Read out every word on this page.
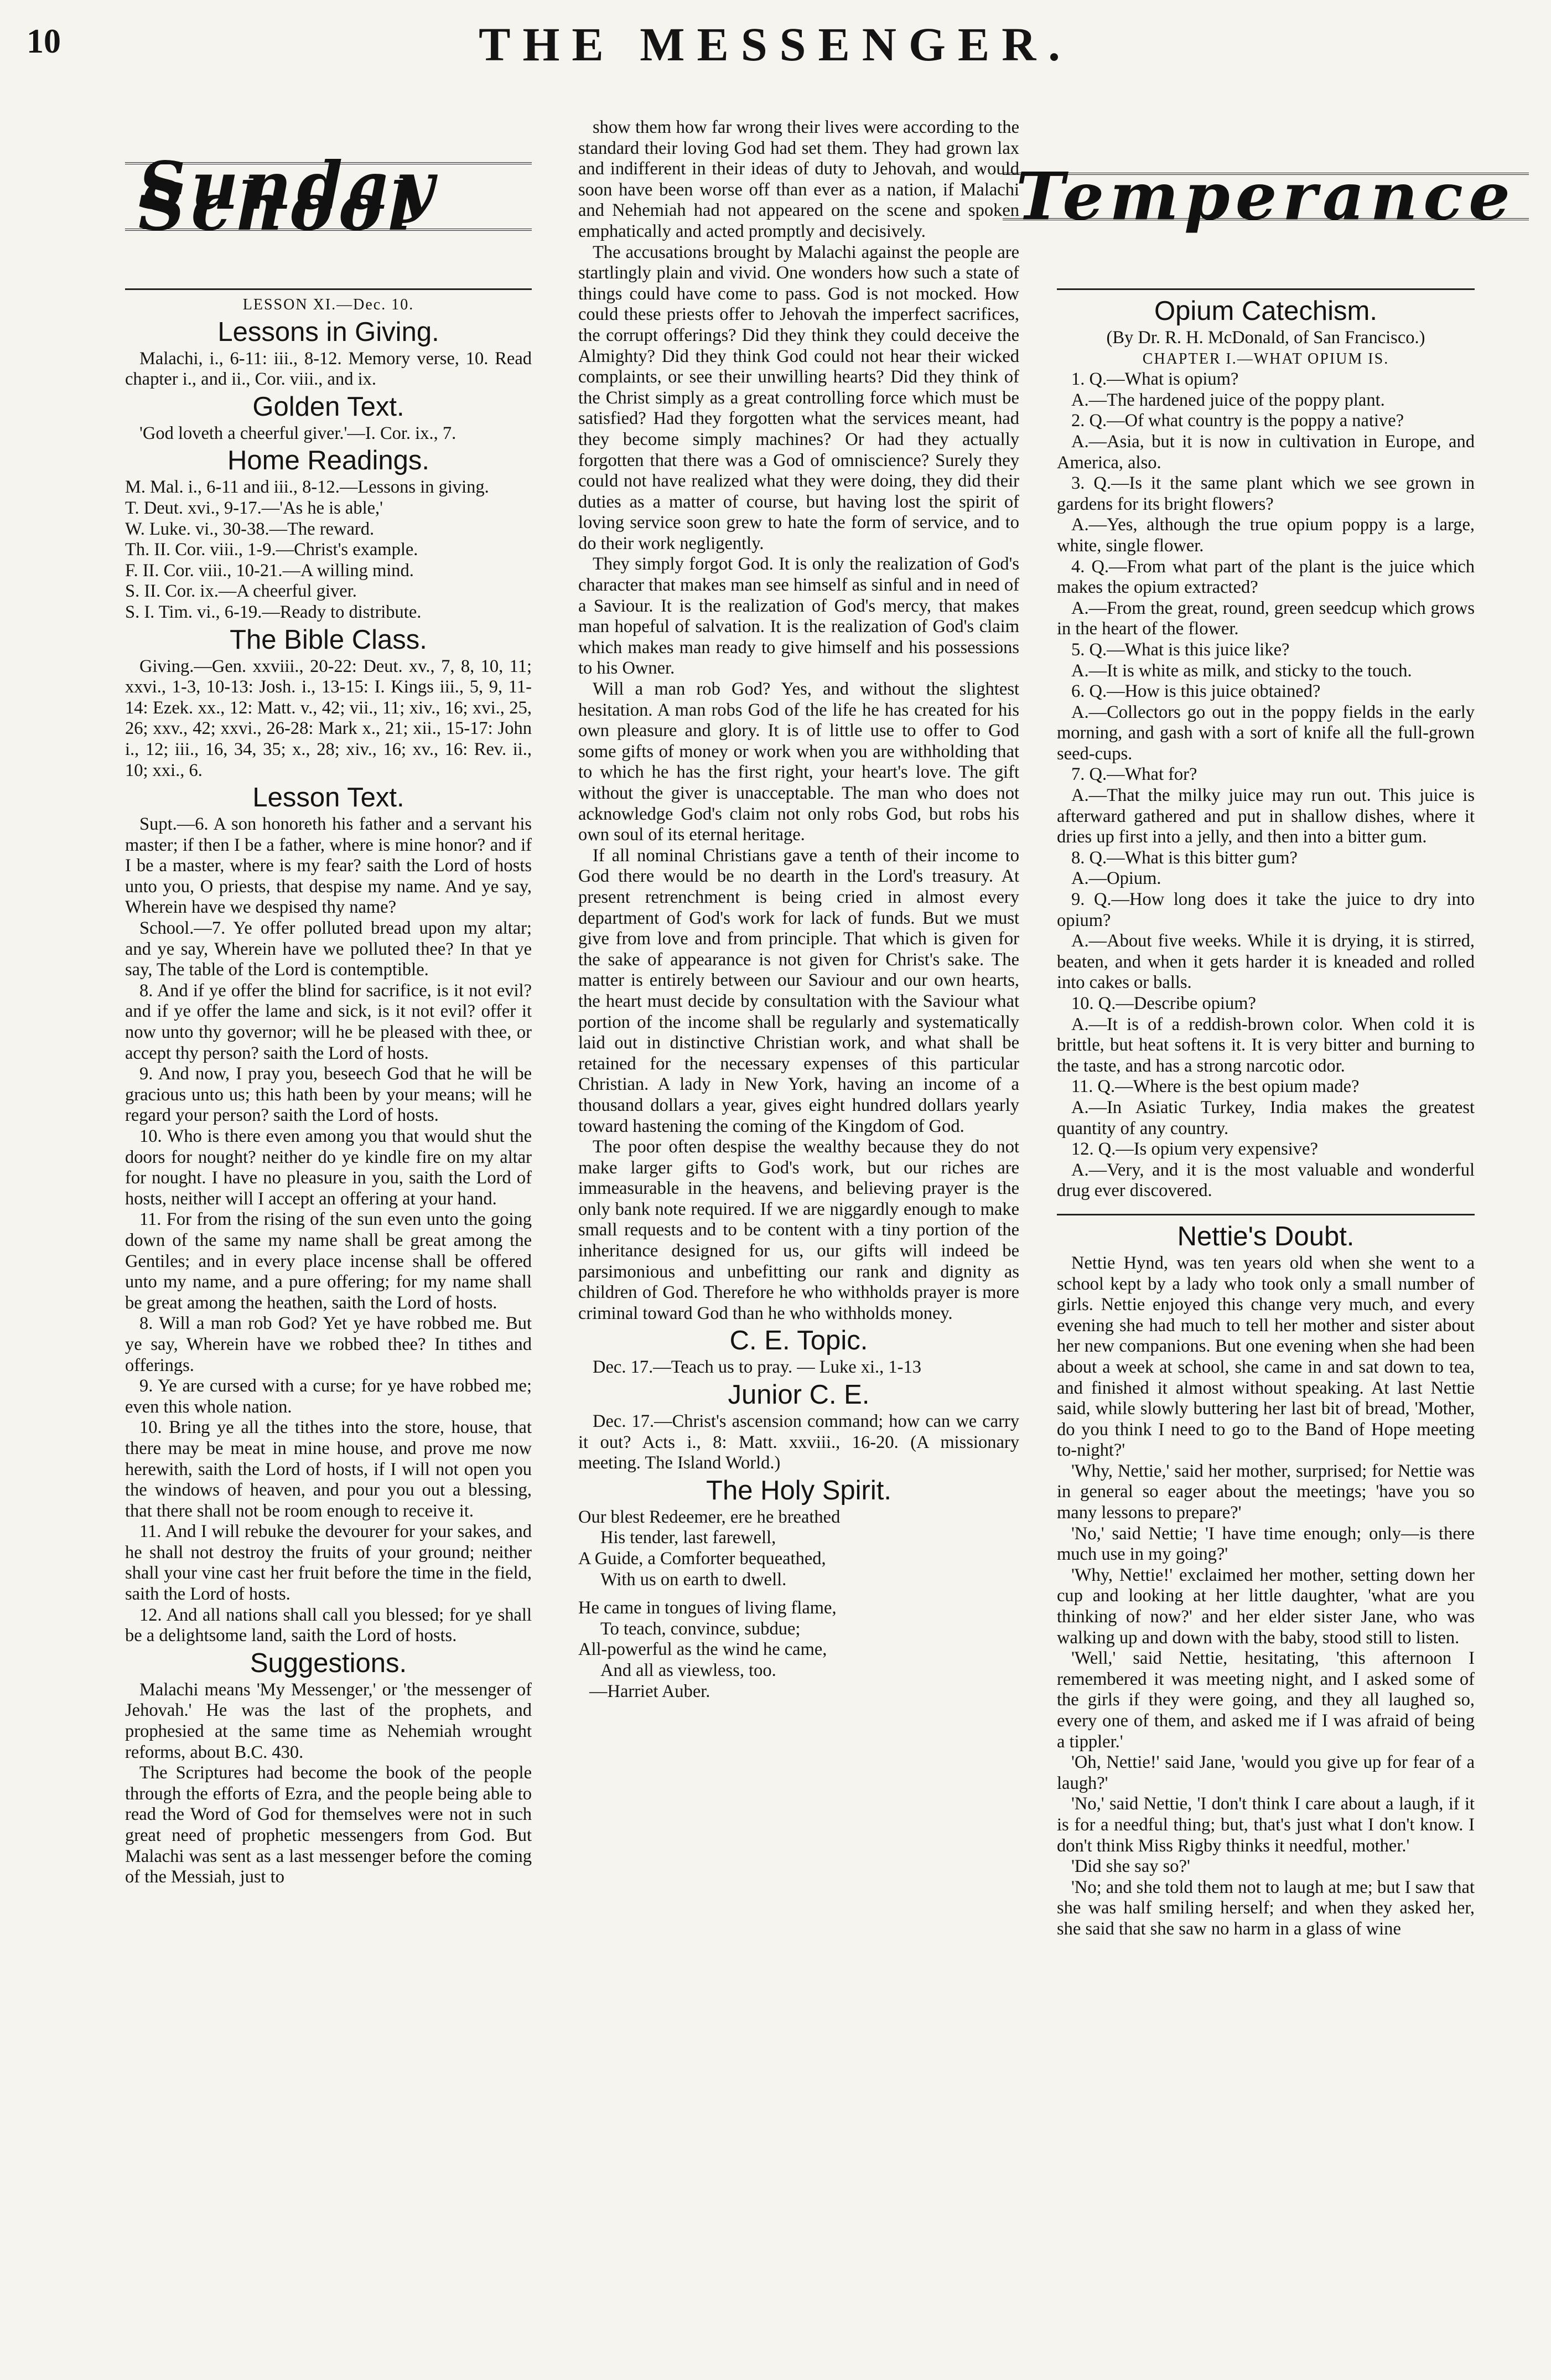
10	THE MESSENGER.
Sunday School

LESSON XI.—Dec. 10.

Lessons in Giving.

Malachi, i., 6-11: iii., 8-12. Memory verse, 10. Read chapter i., and ii., Cor. viii., and ix.

Golden Text.

'God loveth a cheerful giver.'—I. Cor. ix., 7.

Home Readings.

M. Mal. i., 6-11 and iii., 8-12.—Lessons in giving.

T. Deut. xvi., 9-17.—'As he is able,'

W. Luke. vi., 30-38.—The reward.

Th. II. Cor. viii., 1-9.—Christ's example.

F. II. Cor. viii., 10-21.—A willing mind.

S. II. Cor. ix.—A cheerful giver.

S. I. Tim. vi., 6-19.—Ready to distribute.

The Bible Class.

Giving.—Gen. xxviii., 20-22: Deut. xv., 7, 8, 10, 11; xxvi., 1-3, 10-13: Josh. i., 13-15: I. Kings iii., 5, 9, 11-14: Ezek. xx., 12: Matt. v., 42; vii., 11; xiv., 16; xvi., 25, 26; xxv., 42; xxvi., 26-28: Mark x., 21; xii., 15-17: John i., 12; iii., 16, 34, 35; x., 28; xiv., 16; xv., 16: Rev. ii., 10; xxi., 6.

Lesson Text.

Supt.—6. A son honoreth his father and a servant his master; if then I be a father, where is mine honor? and if I be a master, where is my fear? saith the Lord of hosts unto you, O priests, that despise my name. And ye say, Wherein have we despised thy name?

School.—7. Ye offer polluted bread upon my altar; and ye say, Wherein have we polluted thee? In that ye say, The table of the Lord is contemptible.

8. And if ye offer the blind for sacrifice, is it not evil? and if ye offer the lame and sick, is it not evil? offer it now unto thy governor; will he be pleased with thee, or accept thy person? saith the Lord of hosts.

9. And now, I pray you, beseech God that he will be gracious unto us; this hath been by your means; will he regard your person? saith the Lord of hosts.

10. Who is there even among you that would shut the doors for nought? neither do ye kindle fire on my altar for nought. I have no pleasure in you, saith the Lord of hosts, neither will I accept an offering at your hand.

11. For from the rising of the sun even unto the going down of the same my name shall be great among the Gentiles; and in every place incense shall be offered unto my name, and a pure offering; for my name shall be great among the heathen, saith the Lord of hosts.

8. Will a man rob God? Yet ye have robbed me. But ye say, Wherein have we robbed thee? In tithes and offerings.

9. Ye are cursed with a curse; for ye have robbed me; even this whole nation.

10. Bring ye all the tithes into the store, house, that there may be meat in mine house, and prove me now herewith, saith the Lord of hosts, if I will not open you the windows of heaven, and pour you out a blessing, that there shall not be room enough to receive it.

11. And I will rebuke the devourer for your sakes, and he shall not destroy the fruits of your ground; neither shall your vine cast her fruit before the time in the field, saith the Lord of hosts.

12. And all nations shall call you blessed; for ye shall be a delightsome land, saith the Lord of hosts.

Suggestions.

Malachi means 'My Messenger,' or 'the messenger of Jehovah.' He was the last of the prophets, and prophesied at the same time as Nehemiah wrought reforms, about B.C. 430.

The Scriptures had become the book of the people through the efforts of Ezra, and the people being able to read the Word of God for themselves were not in such great need of prophetic messengers from God. But Malachi was sent as a last messenger before the coming of the Messiah, just to

show them how far wrong their lives were according to the standard their loving God had set them. They had grown lax and indifferent in their ideas of duty to Jehovah, and would soon have been worse off than ever as a nation, if Malachi and Nehemiah had not appeared on the scene and spoken emphatically and acted promptly and decisively.

The accusations brought by Malachi against the people are startlingly plain and vivid. One wonders how such a state of things could have come to pass. God is not mocked. How could these priests offer to Jehovah the imperfect sacrifices, the corrupt offerings? Did they think they could deceive the Almighty? Did they think God could not hear their wicked complaints, or see their unwilling hearts? Did they think of the Christ simply as a great controlling force which must be satisfied? Had they forgotten what the services meant, had they become simply machines? Or had they actually forgotten that there was a God of omniscience? Surely they could not have realized what they were doing, they did their duties as a matter of course, but having lost the spirit of loving service soon grew to hate the form of service, and to do their work negligently.

They simply forgot God. It is only the realization of God's character that makes man see himself as sinful and in need of a Saviour. It is the realization of God's mercy, that makes man hopeful of salvation. It is the realization of God's claim which makes man ready to give himself and his possessions to his Owner.

Will a man rob God? Yes, and without the slightest hesitation. A man robs God of the life he has created for his own pleasure and glory. It is of little use to offer to God some gifts of money or work when you are withholding that to which he has the first right, your heart's love. The gift without the giver is unacceptable. The man who does not acknowledge God's claim not only robs God, but robs his own soul of its eternal heritage.

If all nominal Christians gave a tenth of their income to God there would be no dearth in the Lord's treasury. At present retrenchment is being cried in almost every department of God's work for lack of funds. But we must give from love and from principle. That which is given for the sake of appearance is not given for Christ's sake. The matter is entirely between our Saviour and our own hearts, the heart must decide by consultation with the Saviour what portion of the income shall be regularly and systematically laid out in distinctive Christian work, and what shall be retained for the necessary expenses of this particular Christian. A lady in New York, having an income of a thousand dollars a year, gives eight hundred dollars yearly toward hastening the coming of the Kingdom of God.

The poor often despise the wealthy because they do not make larger gifts to God's work, but our riches are immeasurable in the heavens, and believing prayer is the only bank note required. If we are niggardly enough to make small requests and to be content with a tiny portion of the inheritance designed for us, our gifts will indeed be parsimonious and unbefitting our rank and dignity as children of God. Therefore he who withholds prayer is more criminal toward God than he who withholds money.

C. E. Topic.

Dec. 17.—Teach us to pray. — Luke xi., 1-13

Junior C. E.

Dec. 17.—Christ's ascension command; how can we carry it out? Acts i., 8: Matt. xxviii., 16-20. (A missionary meeting. The Island World.)

The Holy Spirit.

Our blest Redeemer, ere he breathed

His tender, last farewell,

A Guide, a Comforter bequeathed,

With us on earth to dwell.

He came in tongues of living flame,

To teach, convince, subdue;

All-powerful as the wind he came,

And all as viewless, too.

—Harriet Auber.

Temperance

Opium Catechism.

(By Dr. R. H. McDonald, of San Francisco.)

CHAPTER I.—WHAT OPIUM IS.

1. Q.—What is opium?

A.—The hardened juice of the poppy plant.

2. Q.—Of what country is the poppy a native?

A.—Asia, but it is now in cultivation in Europe, and America, also.

3. Q.—Is it the same plant which we see grown in gardens for its bright flowers?

A.—Yes, although the true opium poppy is a large, white, single flower.

4. Q.—From what part of the plant is the juice which makes the opium extracted?

A.—From the great, round, green seedcup which grows in the heart of the flower.

5. Q.—What is this juice like?

A.—It is white as milk, and sticky to the touch.

6. Q.—How is this juice obtained?

A.—Collectors go out in the poppy fields in the early morning, and gash with a sort of knife all the full-grown seed-cups.

7. Q.—What for?

A.—That the milky juice may run out. This juice is afterward gathered and put in shallow dishes, where it dries up first into a jelly, and then into a bitter gum.

8. Q.—What is this bitter gum?

A.—Opium.

9. Q.—How long does it take the juice to dry into opium?

A.—About five weeks. While it is drying, it is stirred, beaten, and when it gets harder it is kneaded and rolled into cakes or balls.

10. Q.—Describe opium?

A.—It is of a reddish-brown color. When cold it is brittle, but heat softens it. It is very bitter and burning to the taste, and has a strong narcotic odor.

11. Q.—Where is the best opium made?

A.—In Asiatic Turkey, India makes the greatest quantity of any country.

12. Q.—Is opium very expensive?

A.—Very, and it is the most valuable and wonderful drug ever discovered.

Nettie's Doubt.

Nettie Hynd, was ten years old when she went to a school kept by a lady who took only a small number of girls. Nettie enjoyed this change very much, and every evening she had much to tell her mother and sister about her new companions. But one evening when she had been about a week at school, she came in and sat down to tea, and finished it almost without speaking. At last Nettie said, while slowly buttering her last bit of bread, 'Mother, do you think I need to go to the Band of Hope meeting to-night?'

'Why, Nettie,' said her mother, surprised; for Nettie was in general so eager about the meetings; 'have you so many lessons to prepare?'

'No,' said Nettie; 'I have time enough; only—is there much use in my going?'

'Why, Nettie!' exclaimed her mother, setting down her cup and looking at her little daughter, 'what are you thinking of now?' and her elder sister Jane, who was walking up and down with the baby, stood still to listen.

'Well,' said Nettie, hesitating, 'this afternoon I remembered it was meeting night, and I asked some of the girls if they were going, and they all laughed so, every one of them, and asked me if I was afraid of being a tippler.'

'Oh, Nettie!' said Jane, 'would you give up for fear of a laugh?'

'No,' said Nettie, 'I don't think I care about a laugh, if it is for a needful thing; but, that's just what I don't know. I don't think Miss Rigby thinks it needful, mother.'

'Did she say so?'

'No; and she told them not to laugh at me; but I saw that she was half smiling herself; and when they asked her, she said that she saw no harm in a glass of wine
